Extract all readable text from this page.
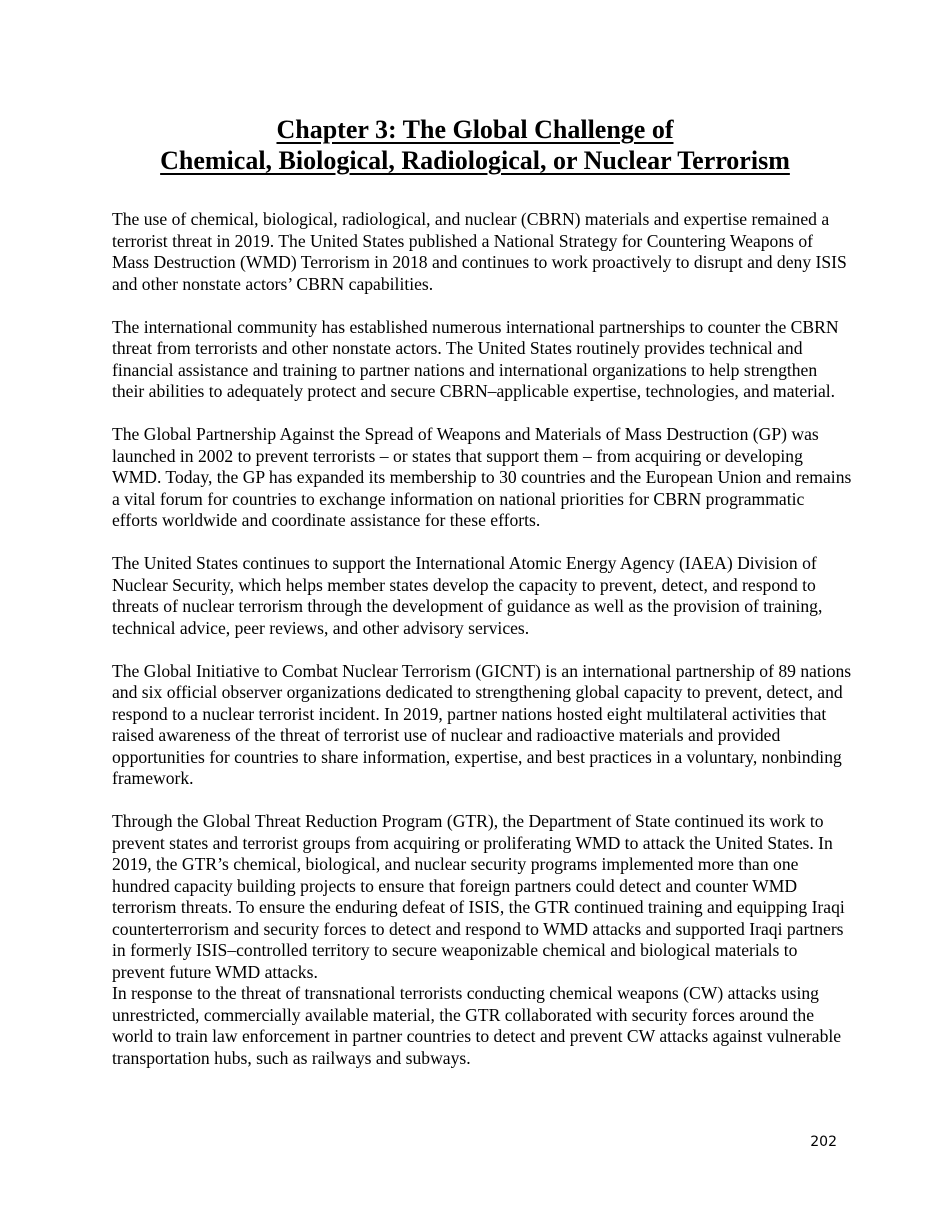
Chapter 3: The Global Challenge of
Chemical, Biological, Radiological, or Nuclear Terrorism

The use of chemical, biological, radiological, and nuclear (CBRN) materials and expertise remained a terrorist threat in 2019. The United States published a National Strategy for Countering Weapons of Mass Destruction (WMD) Terrorism in 2018 and continues to work proactively to disrupt and deny ISIS and other nonstate actors’ CBRN capabilities.

The international community has established numerous international partnerships to counter the CBRN threat from terrorists and other nonstate actors. The United States routinely provides technical and financial assistance and training to partner nations and international organizations to help strengthen their abilities to adequately protect and secure CBRN–applicable expertise, technologies, and material.

The Global Partnership Against the Spread of Weapons and Materials of Mass Destruction (GP) was launched in 2002 to prevent terrorists – or states that support them – from acquiring or developing WMD. Today, the GP has expanded its membership to 30 countries and the European Union and remains a vital forum for countries to exchange information on national priorities for CBRN programmatic efforts worldwide and coordinate assistance for these efforts.

The United States continues to support the International Atomic Energy Agency (IAEA) Division of Nuclear Security, which helps member states develop the capacity to prevent, detect, and respond to threats of nuclear terrorism through the development of guidance as well as the provision of training, technical advice, peer reviews, and other advisory services.

The Global Initiative to Combat Nuclear Terrorism (GICNT) is an international partnership of 89 nations and six official observer organizations dedicated to strengthening global capacity to prevent, detect, and respond to a nuclear terrorist incident. In 2019, partner nations hosted eight multilateral activities that raised awareness of the threat of terrorist use of nuclear and radioactive materials and provided opportunities for countries to share information, expertise, and best practices in a voluntary, nonbinding framework.

Through the Global Threat Reduction Program (GTR), the Department of State continued its work to prevent states and terrorist groups from acquiring or proliferating WMD to attack the United States. In 2019, the GTR’s chemical, biological, and nuclear security programs implemented more than one hundred capacity building projects to ensure that foreign partners could detect and counter WMD terrorism threats. To ensure the enduring defeat of ISIS, the GTR continued training and equipping Iraqi counterterrorism and security forces to detect and respond to WMD attacks and supported Iraqi partners in formerly ISIS–controlled territory to secure weaponizable chemical and biological materials to prevent future WMD attacks.

In response to the threat of transnational terrorists conducting chemical weapons (CW) attacks using unrestricted, commercially available material, the GTR collaborated with security forces around the world to train law enforcement in partner countries to detect and prevent CW attacks against vulnerable transportation hubs, such as railways and subways.

202
